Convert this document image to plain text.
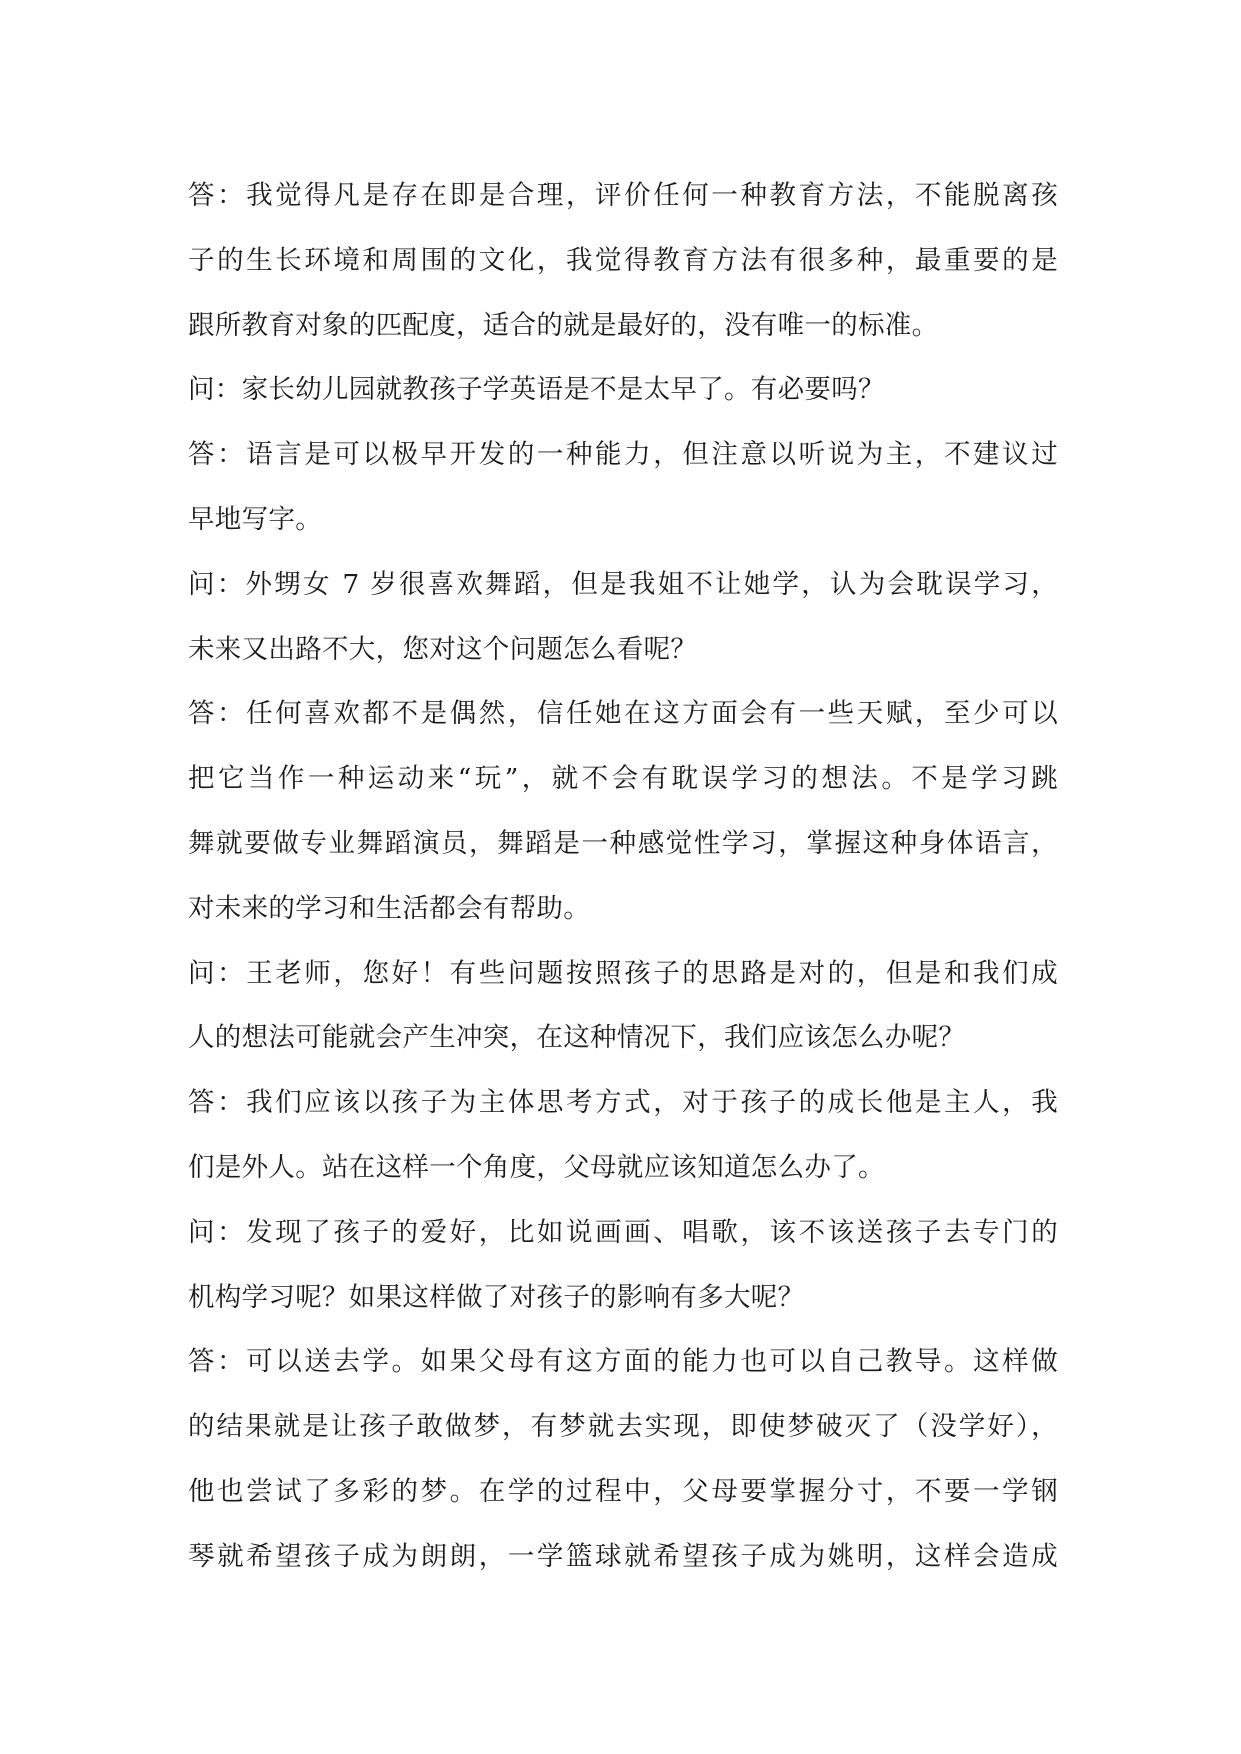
答：我觉得凡是存在即是合理，评价任何一种教育方法，不能脱离孩
子的生长环境和周围的文化，我觉得教育方法有很多种，最重要的是
跟所教育对象的匹配度，适合的就是最好的，没有唯一的标准。
问：家长幼儿园就教孩子学英语是不是太早了。有必要吗？
答：语言是可以极早开发的一种能力，但注意以听说为主，不建议过
早地写字。
问：外甥女 7 岁很喜欢舞蹈，但是我姐不让她学，认为会耽误学习，
未来又出路不大，您对这个问题怎么看呢？
答：任何喜欢都不是偶然，信任她在这方面会有一些天赋，至少可以
把它当作一种运动来“玩”，就不会有耽误学习的想法。不是学习跳
舞就要做专业舞蹈演员，舞蹈是一种感觉性学习，掌握这种身体语言，
对未来的学习和生活都会有帮助。
问：王老师，您好！有些问题按照孩子的思路是对的，但是和我们成
人的想法可能就会产生冲突，在这种情况下，我们应该怎么办呢？
答：我们应该以孩子为主体思考方式，对于孩子的成长他是主人，我
们是外人。站在这样一个角度，父母就应该知道怎么办了。
问：发现了孩子的爱好，比如说画画、唱歌，该不该送孩子去专门的
机构学习呢？如果这样做了对孩子的影响有多大呢？
答：可以送去学。如果父母有这方面的能力也可以自己教导。这样做
的结果就是让孩子敢做梦，有梦就去实现，即使梦破灭了（没学好），
他也尝试了多彩的梦。在学的过程中，父母要掌握分寸，不要一学钢
琴就希望孩子成为朗朗，一学篮球就希望孩子成为姚明，这样会造成
